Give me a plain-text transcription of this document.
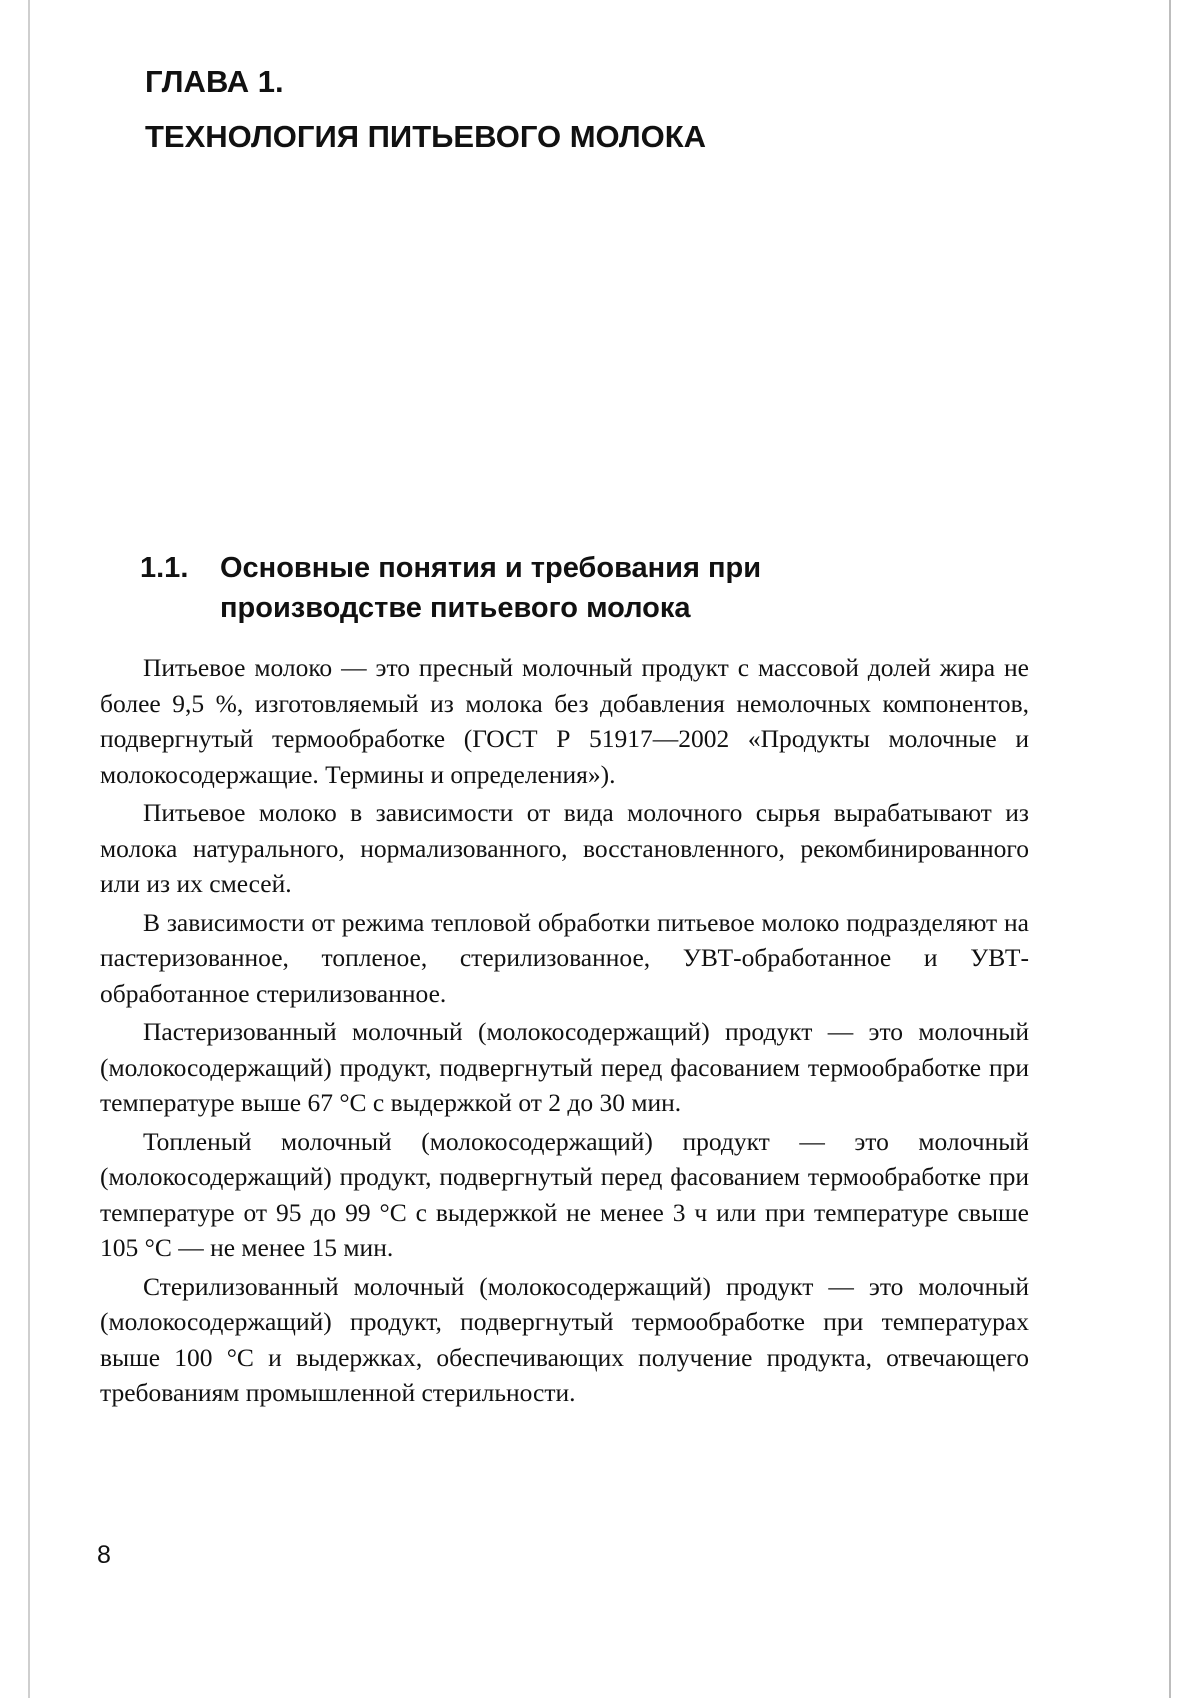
ГЛАВА 1.
ТЕХНОЛОГИЯ ПИТЬЕВОГО МОЛОКА
1.1. Основные понятия и требования при производстве питьевого молока

Питьевое молоко — это пресный молочный продукт с массовой долей жира не более 9,5 %, изготовляемый из молока без добавления немолочных компонентов, подвергнутый термообработке (ГОСТ Р 51917—2002 «Продукты молочные и молокосодержащие. Термины и определения»).

Питьевое молоко в зависимости от вида молочного сырья вырабатывают из молока натурального, нормализованного, восстановленного, рекомбинированного или из их смесей.

В зависимости от режима тепловой обработки питьевое молоко подразделяют на пастеризованное, топленое, стерилизованное, УВТ-обработанное и УВТ-обработанное стерилизованное.

Пастеризованный молочный (молокосодержащий) продукт — это молочный (молокосодержащий) продукт, подвергнутый перед фасованием термообработке при температуре выше 67 °С с выдержкой от 2 до 30 мин.

Топленый молочный (молокосодержащий) продукт — это молочный (молокосодержащий) продукт, подвергнутый перед фасованием термообработке при температуре от 95 до 99 °С с выдержкой не менее 3 ч или при температуре свыше 105 °С — не менее 15 мин.

Стерилизованный молочный (молокосодержащий) продукт — это молочный (молокосодержащий) продукт, подвергнутый термообработке при температурах выше 100 °С и выдержках, обеспечивающих получение продукта, отвечающего требованиям промышленной стерильности.

8
